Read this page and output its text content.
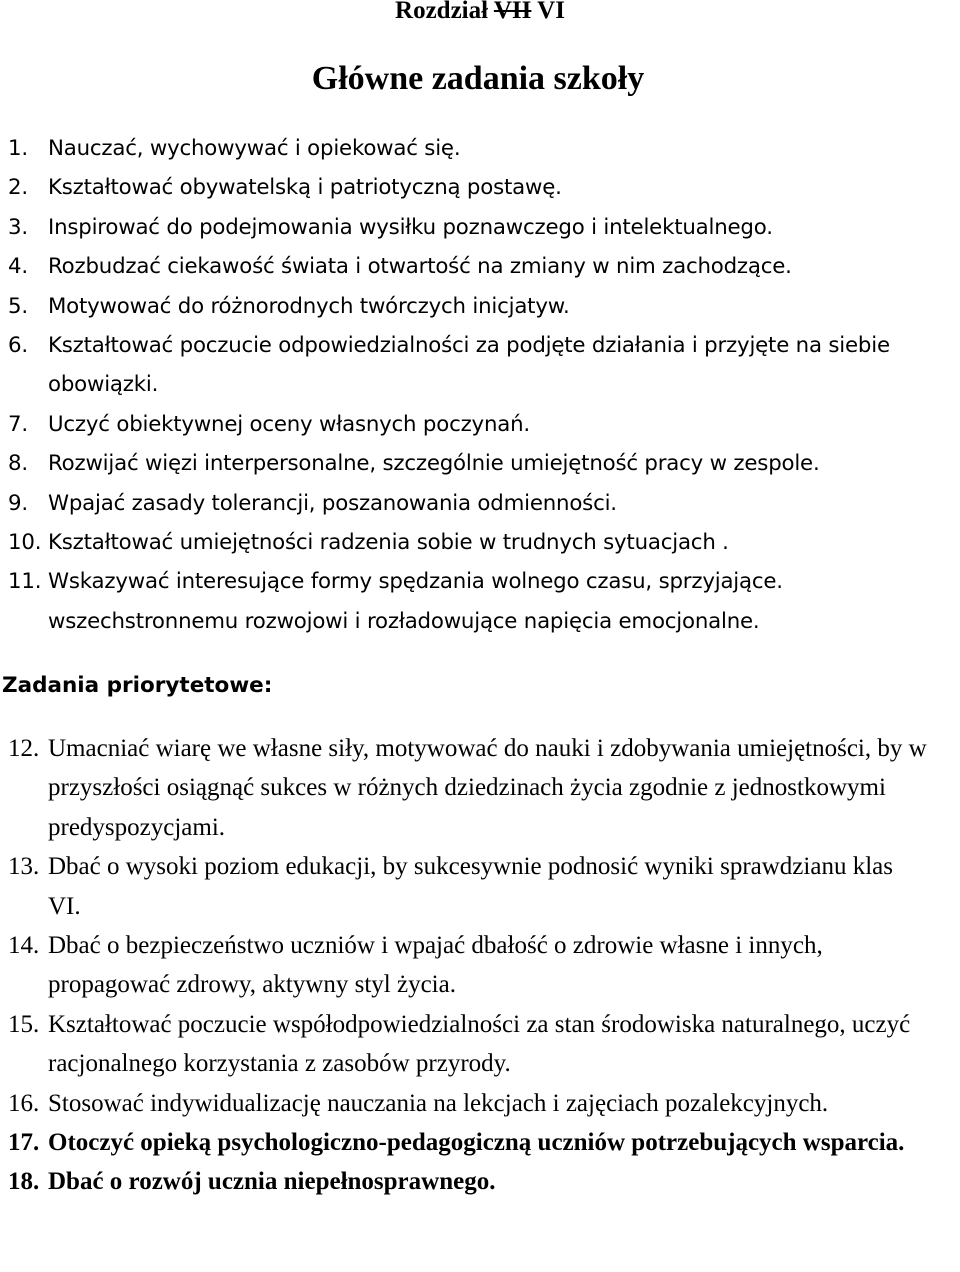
Rozdział VII VI
Główne zadania szkoły
1. Nauczać, wychowywać i opiekować się.
2. Kształtować obywatelską i patriotyczną postawę.
3. Inspirować do podejmowania wysiłku poznawczego i intelektualnego.
4. Rozbudzać ciekawość świata i otwartość na zmiany w nim zachodzące.
5. Motywować do różnorodnych twórczych inicjatyw.
6. Kształtować poczucie odpowiedzialności za podjęte działania i przyjęte na siebie obowiązki.
7. Uczyć obiektywnej oceny własnych poczynań.
8. Rozwijać więzi interpersonalne, szczególnie umiejętność pracy w zespole.
9. Wpajać zasady tolerancji, poszanowania odmienności.
10. Kształtować umiejętności radzenia sobie w trudnych sytuacjach .
11. Wskazywać interesujące formy spędzania wolnego czasu, sprzyjające. wszechstronnemu rozwojowi i rozładowujące napięcia emocjonalne.
Zadania priorytetowe:
12. Umacniać wiarę we własne siły, motywować do nauki i zdobywania umiejętności, by w przyszłości osiągnąć sukces w różnych dziedzinach życia zgodnie z jednostkowymi predyspozycjami.
13. Dbać o wysoki poziom edukacji, by sukcesywnie podnosić wyniki sprawdzianu klas VI.
14. Dbać o bezpieczeństwo uczniów i wpajać dbałość o zdrowie własne i innych, propagować zdrowy, aktywny styl życia.
15. Kształtować poczucie współodpowiedzialności za stan środowiska naturalnego, uczyć racjonalnego korzystania z zasobów przyrody.
16. Stosować indywidualizację nauczania na lekcjach i zajęciach pozalekcyjnych.
17. Otoczyć opieką psychologiczno-pedagogiczną uczniów potrzebujących wsparcia.
18. Dbać o rozwój ucznia niepełnosprawnego.
